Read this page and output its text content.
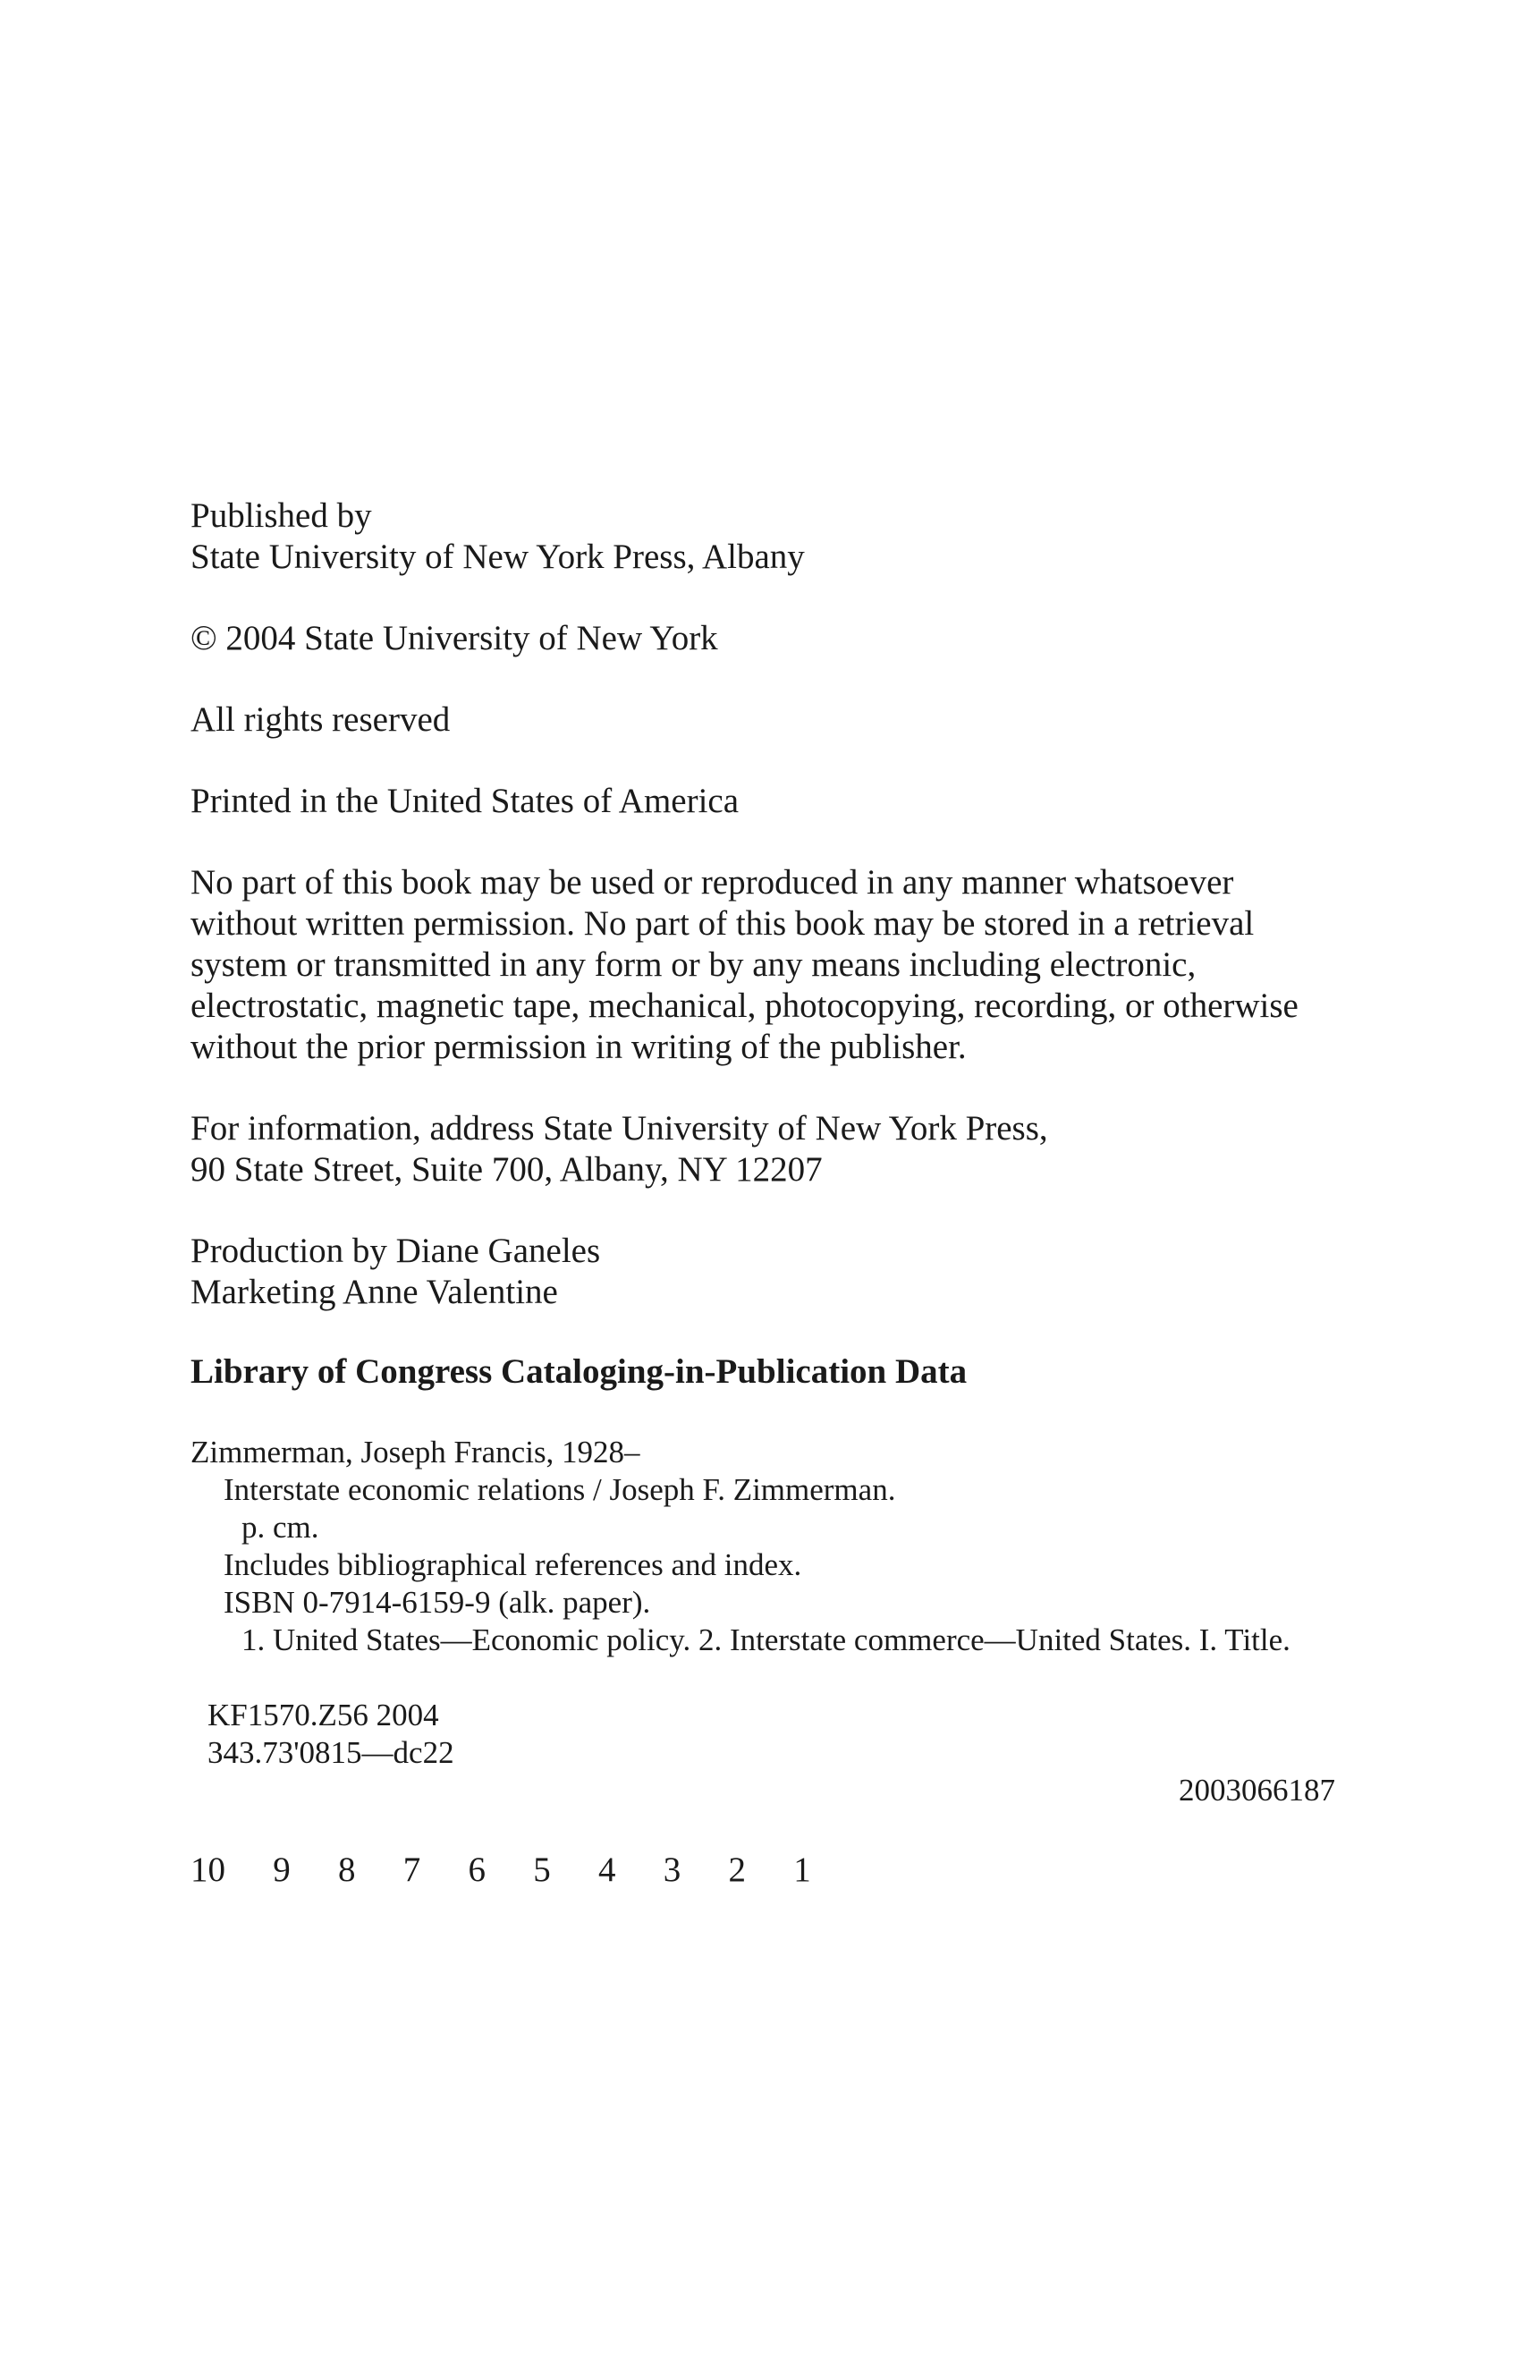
Published by
State University of New York Press, Albany
© 2004 State University of New York
All rights reserved
Printed in the United States of America
No part of this book may be used or reproduced in any manner whatsoever
without written permission. No part of this book may be stored in a retrieval
system or transmitted in any form or by any means including electronic,
electrostatic, magnetic tape, mechanical, photocopying, recording, or otherwise
without the prior permission in writing of the publisher.
For information, address State University of New York Press,
90 State Street, Suite 700, Albany, NY 12207
Production by Diane Ganeles
Marketing Anne Valentine
Library of Congress Cataloging-in-Publication Data
Zimmerman, Joseph Francis, 1928–
Interstate economic relations / Joseph F. Zimmerman.
p. cm.
Includes bibliographical references and index.
ISBN 0-7914-6159-9 (alk. paper).
1. United States—Economic policy. 2. Interstate commerce—United States. I. Title.
KF1570.Z56 2004
343.73'0815—dc22
2003066187
10   9   8   7   6   5   4   3   2   1
